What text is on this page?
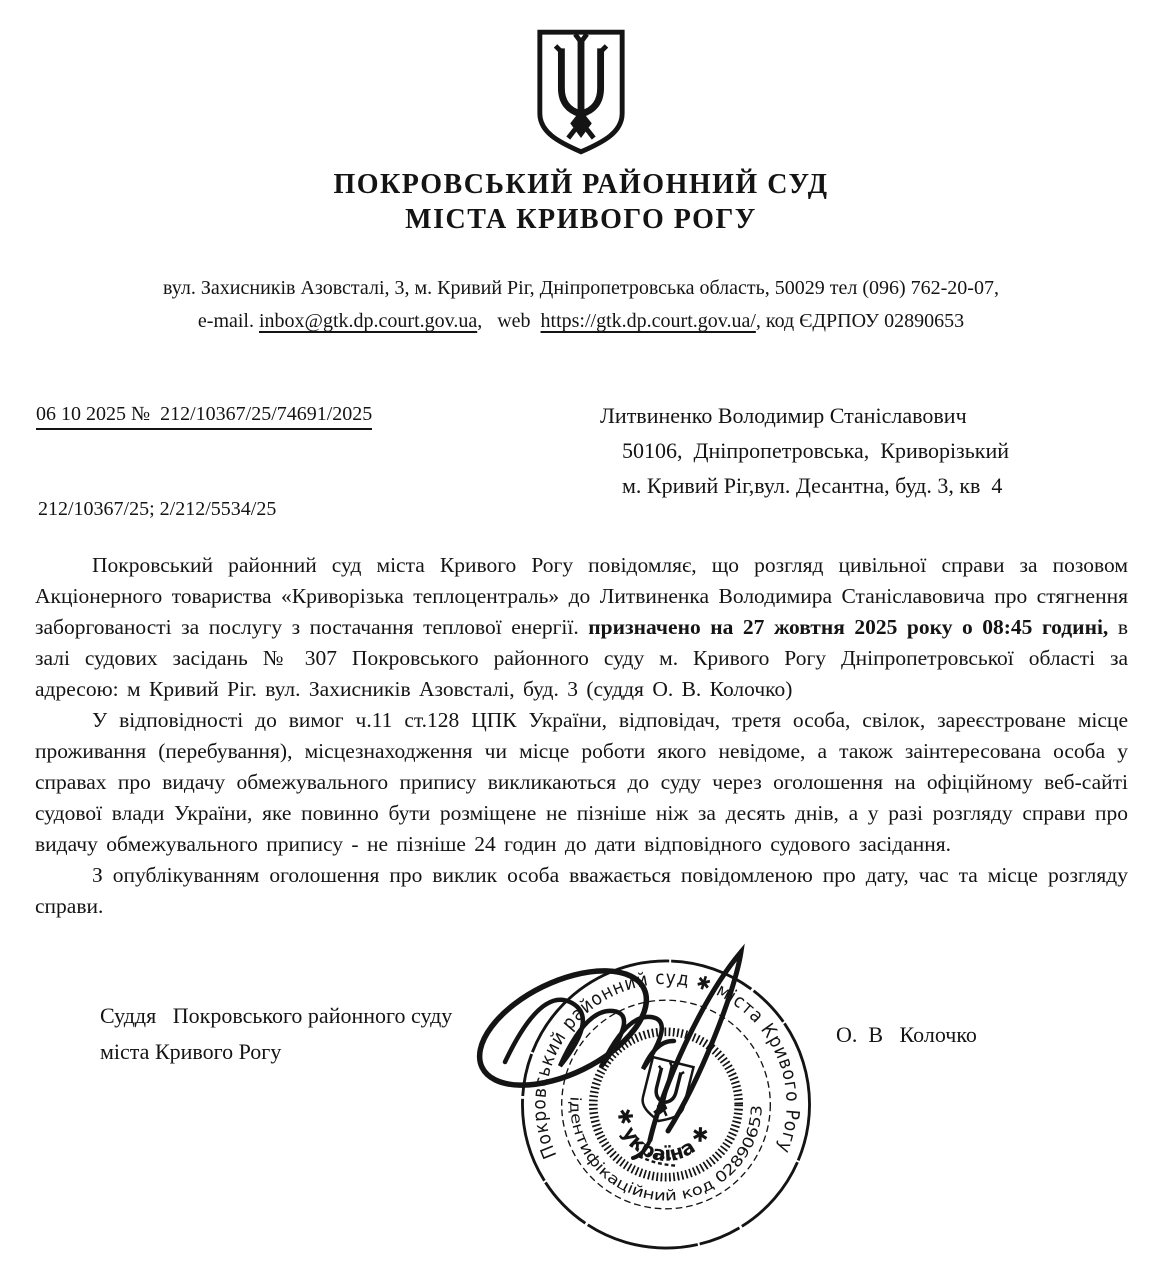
ПОКРОВСЬКИЙ РАЙОННИЙ СУД
МІСТА КРИВОГО РОГУ
вул. Захисників Азовсталі, 3, м. Кривий Ріг, Дніпропетровська область, 50029 тел (096) 762-20-07,
e-mail. inbox@gtk.dp.court.gov.ua,   web  https://gtk.dp.court.gov.ua/, код ЄДРПОУ 02890653
06 10 2025 №  212/10367/25/74691/2025	Литвиненко Володимир Станіславович
50106,  Дніпропетровська,  Криворізький
м. Кривий Ріг,вул. Десантна, буд. 3, кв  4
212/10367/25; 2/212/5534/25

Покровський районний суд міста Кривого Рогу повідомляє, що розгляд цивільної справи за позовом Акціонерного товариства «Криворізька теплоцентраль» до Литвиненка Володимира Станіславовича про стягнення заборгованості за послугу з постачання теплової енергії. призначено на 27 жовтня 2025 року о 08:45 годині, в залі судових засідань № 307 Покровського районного суду м. Кривого Рогу Дніпропетровської області за адресою: м Кривий Ріг. вул. Захисників Азовсталі, буд. 3 (суддя О. В. Колочко)

У відповідності до вимог ч.11 ст.128 ЦПК України, відповідач, третя особа, свілок, зареєстроване місце проживання (перебування), місцезнаходження чи місце роботи якого невідоме, а також заінтересована особа у справах про видачу обмежувального припису викликаються до суду через оголошення на офіційному веб-сайті судової влади України, яке повинно бути розміщене не пізніше ніж за десять днів, а у разі розгляду справи про видачу обмежувального припису - не пізніше 24 годин до дати відповідного судового засідання.

З опублікуванням оголошення про виклик особа вважається повідомленою про дату, час та місце розгляду справи.

Суддя   Покровського районного суду
міста Кривого Рогу
О.  В   Колочко
Покровський районний суд ✱ міста Кривого Рогу
ідентифікаційний код 02890653
✱ україна ✱
